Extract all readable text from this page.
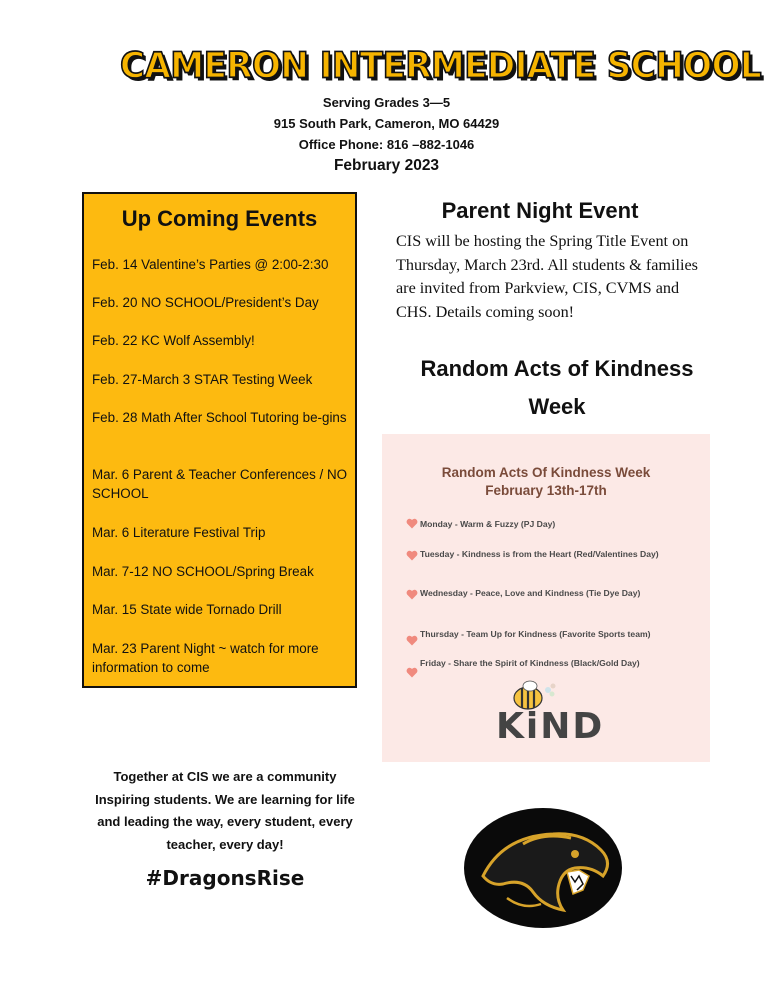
CAMERON INTERMEDIATE SCHOOL
Serving Grades 3—5
915 South Park, Cameron, MO 64429
Office Phone: 816 –882-1046
February 2023
Up Coming Events
Feb. 14 Valentine’s Parties @ 2:00-2:30
Feb. 20 NO SCHOOL/President’s Day
Feb. 22 KC Wolf Assembly!
Feb. 27-March 3 STAR Testing Week
Feb. 28 Math After School Tutoring be-gins
Mar. 6 Parent & Teacher Conferences / NO SCHOOL
Mar. 6 Literature Festival Trip
Mar. 7-12 NO SCHOOL/Spring Break
Mar. 15 State wide Tornado Drill
Mar. 23 Parent Night ~ watch for more information to come
Parent Night Event
CIS will be hosting the Spring Title Event on Thursday, March 23rd. All students & families are invited from Parkview, CIS, CVMS and CHS. Details coming soon!
Random Acts of Kindness Week
Random Acts Of Kindness Week
February 13th-17th
Monday - Warm & Fuzzy (PJ Day)
Tuesday - Kindness is from the Heart (Red/Valentines Day)
Wednesday - Peace, Love and Kindness (Tie Dye Day)
Thursday - Team Up for Kindness (Favorite Sports team)
Friday - Share the Spirit of Kindness (Black/Gold Day)
KiND
Together at CIS we are a community
Inspiring students. We are learning for life
and leading the way, every student, every
teacher, every day!
#DragonsRise
